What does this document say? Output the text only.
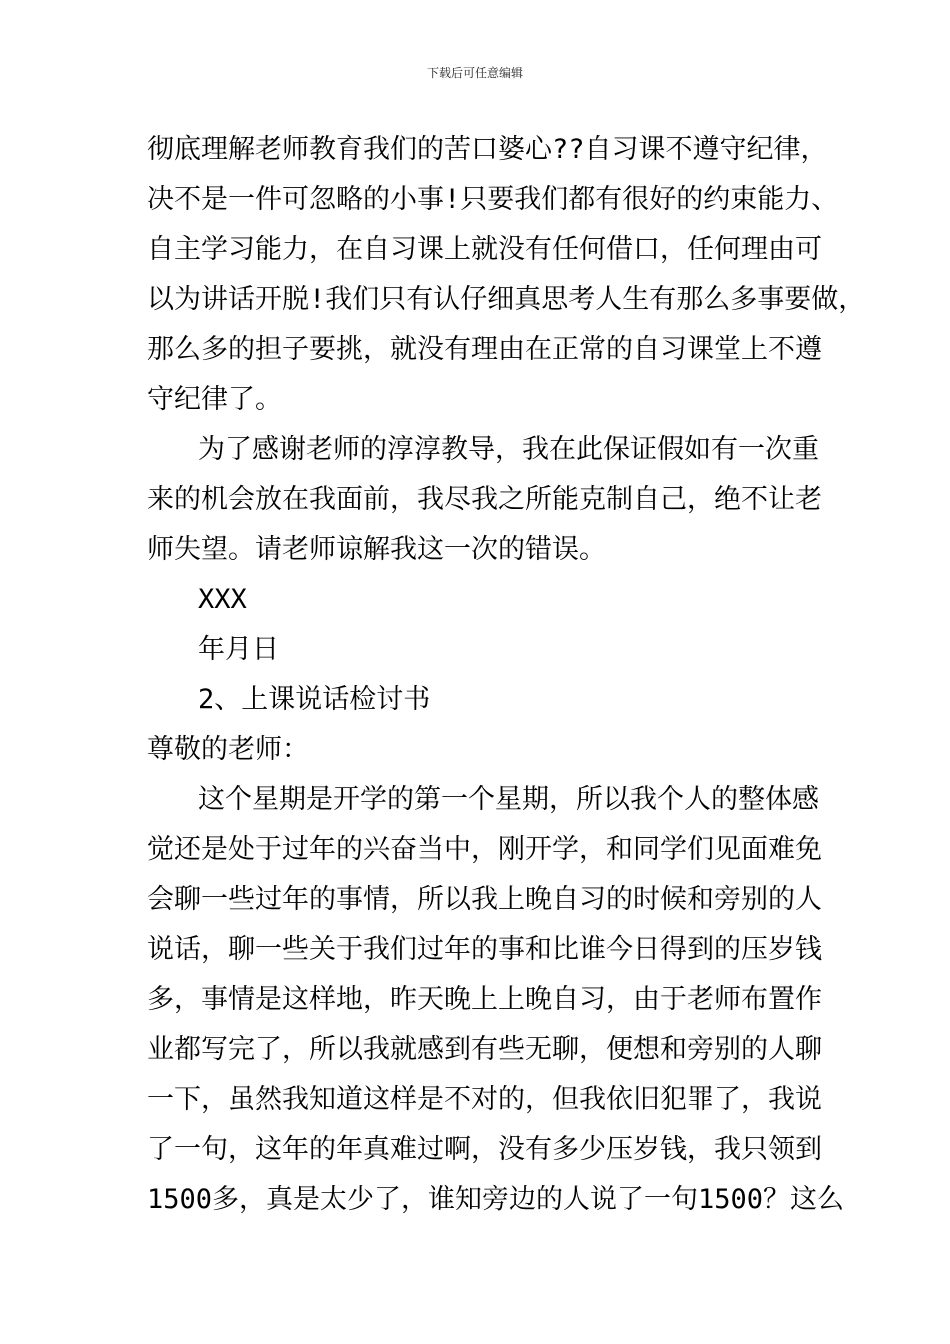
下载后可任意编辑
彻底理解老师教育我们的苦口婆心??自习课不遵守纪律，
决不是一件可忽略的小事!只要我们都有很好的约束能力、
自主学习能力，在自习课上就没有任何借口，任何理由可
以为讲话开脱!我们只有认仔细真思考人生有那么多事要做，
那么多的担子要挑，就没有理由在正常的自习课堂上不遵
守纪律了。
为了感谢老师的淳淳教导，我在此保证假如有一次重
来的机会放在我面前，我尽我之所能克制自己，绝不让老
师失望。请老师谅解我这一次的错误。
XXX
年月日
2、上课说话检讨书
尊敬的老师：
这个星期是开学的第一个星期，所以我个人的整体感
觉还是处于过年的兴奋当中，刚开学，和同学们见面难免
会聊一些过年的事情，所以我上晚自习的时候和旁别的人
说话，聊一些关于我们过年的事和比谁今日得到的压岁钱
多，事情是这样地，昨天晚上上晚自习，由于老师布置作
业都写完了，所以我就感到有些无聊，便想和旁别的人聊
一下，虽然我知道这样是不对的，但我依旧犯罪了，我说
了一句，这年的年真难过啊，没有多少压岁钱，我只领到
1500多，真是太少了，谁知旁边的人说了一句1500？这么
